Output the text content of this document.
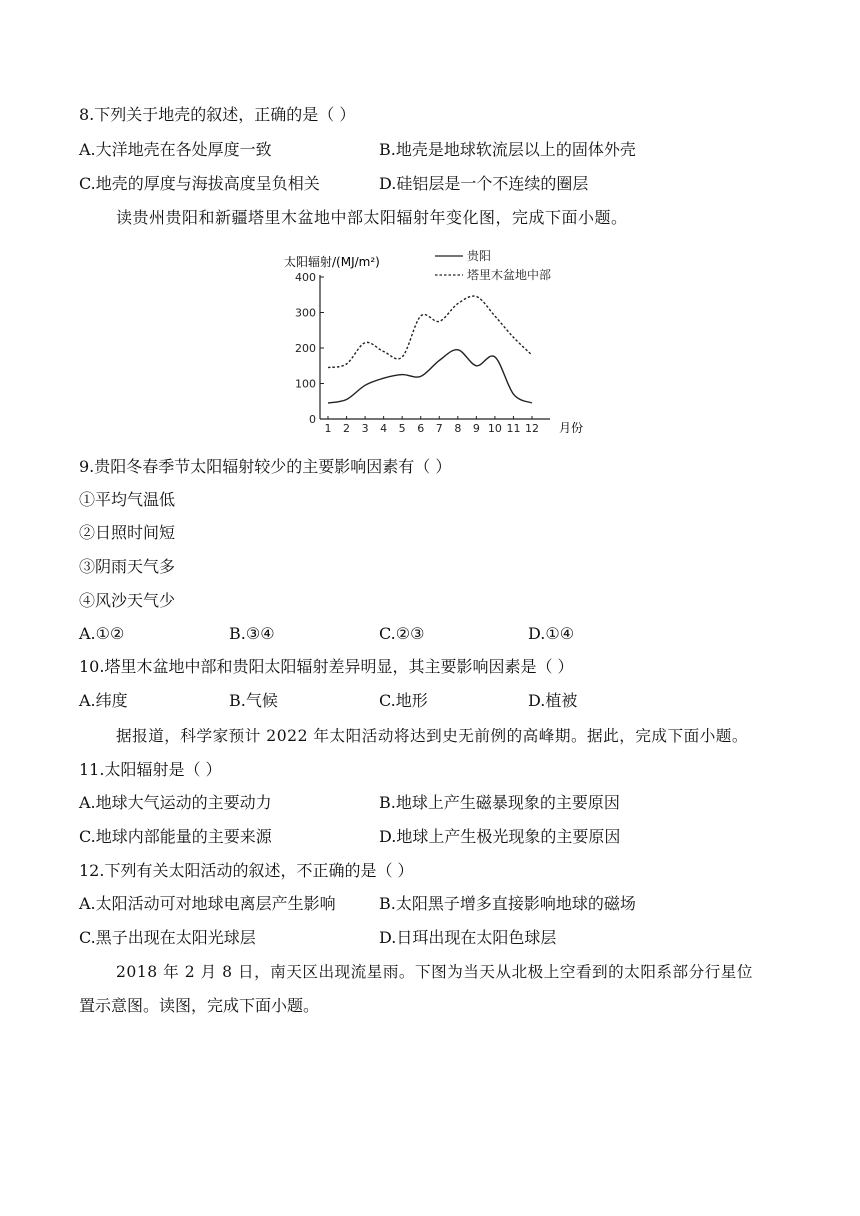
8.下列关于地壳的叙述，正确的是（ ）
A.大洋地壳在各处厚度一致	B.地壳是地球软流层以上的固体外壳
C.地壳的厚度与海拔高度呈负相关	D.硅铝层是一个不连续的圈层
读贵州贵阳和新疆塔里木盆地中部太阳辐射年变化图，完成下面小题。
太阳辐射/(MJ/m²)
月份
贵阳
塔里木盆地中部
0
100
200
300
400
1 2 3 4 5 6 7 8 9 10 11 12
9.贵阳冬春季节太阳辐射较少的主要影响因素有（ ）
①平均气温低
②日照时间短
③阴雨天气多
④风沙天气少
A.①②	B.③④	C.②③	D.①④
10.塔里木盆地中部和贵阳太阳辐射差异明显，其主要影响因素是（ ）
A.纬度	B.气候	C.地形	D.植被
据报道，科学家预计 2022 年太阳活动将达到史无前例的高峰期。据此，完成下面小题。
11.太阳辐射是（ ）
A.地球大气运动的主要动力	B.地球上产生磁暴现象的主要原因
C.地球内部能量的主要来源	D.地球上产生极光现象的主要原因
12.下列有关太阳活动的叙述，不正确的是（ ）
A.太阳活动可对地球电离层产生影响	B.太阳黑子增多直接影响地球的磁场
C.黑子出现在太阳光球层	D.日珥出现在太阳色球层
2018 年 2 月 8 日，南天区出现流星雨。下图为当天从北极上空看到的太阳系部分行星位
置示意图。读图，完成下面小题。
